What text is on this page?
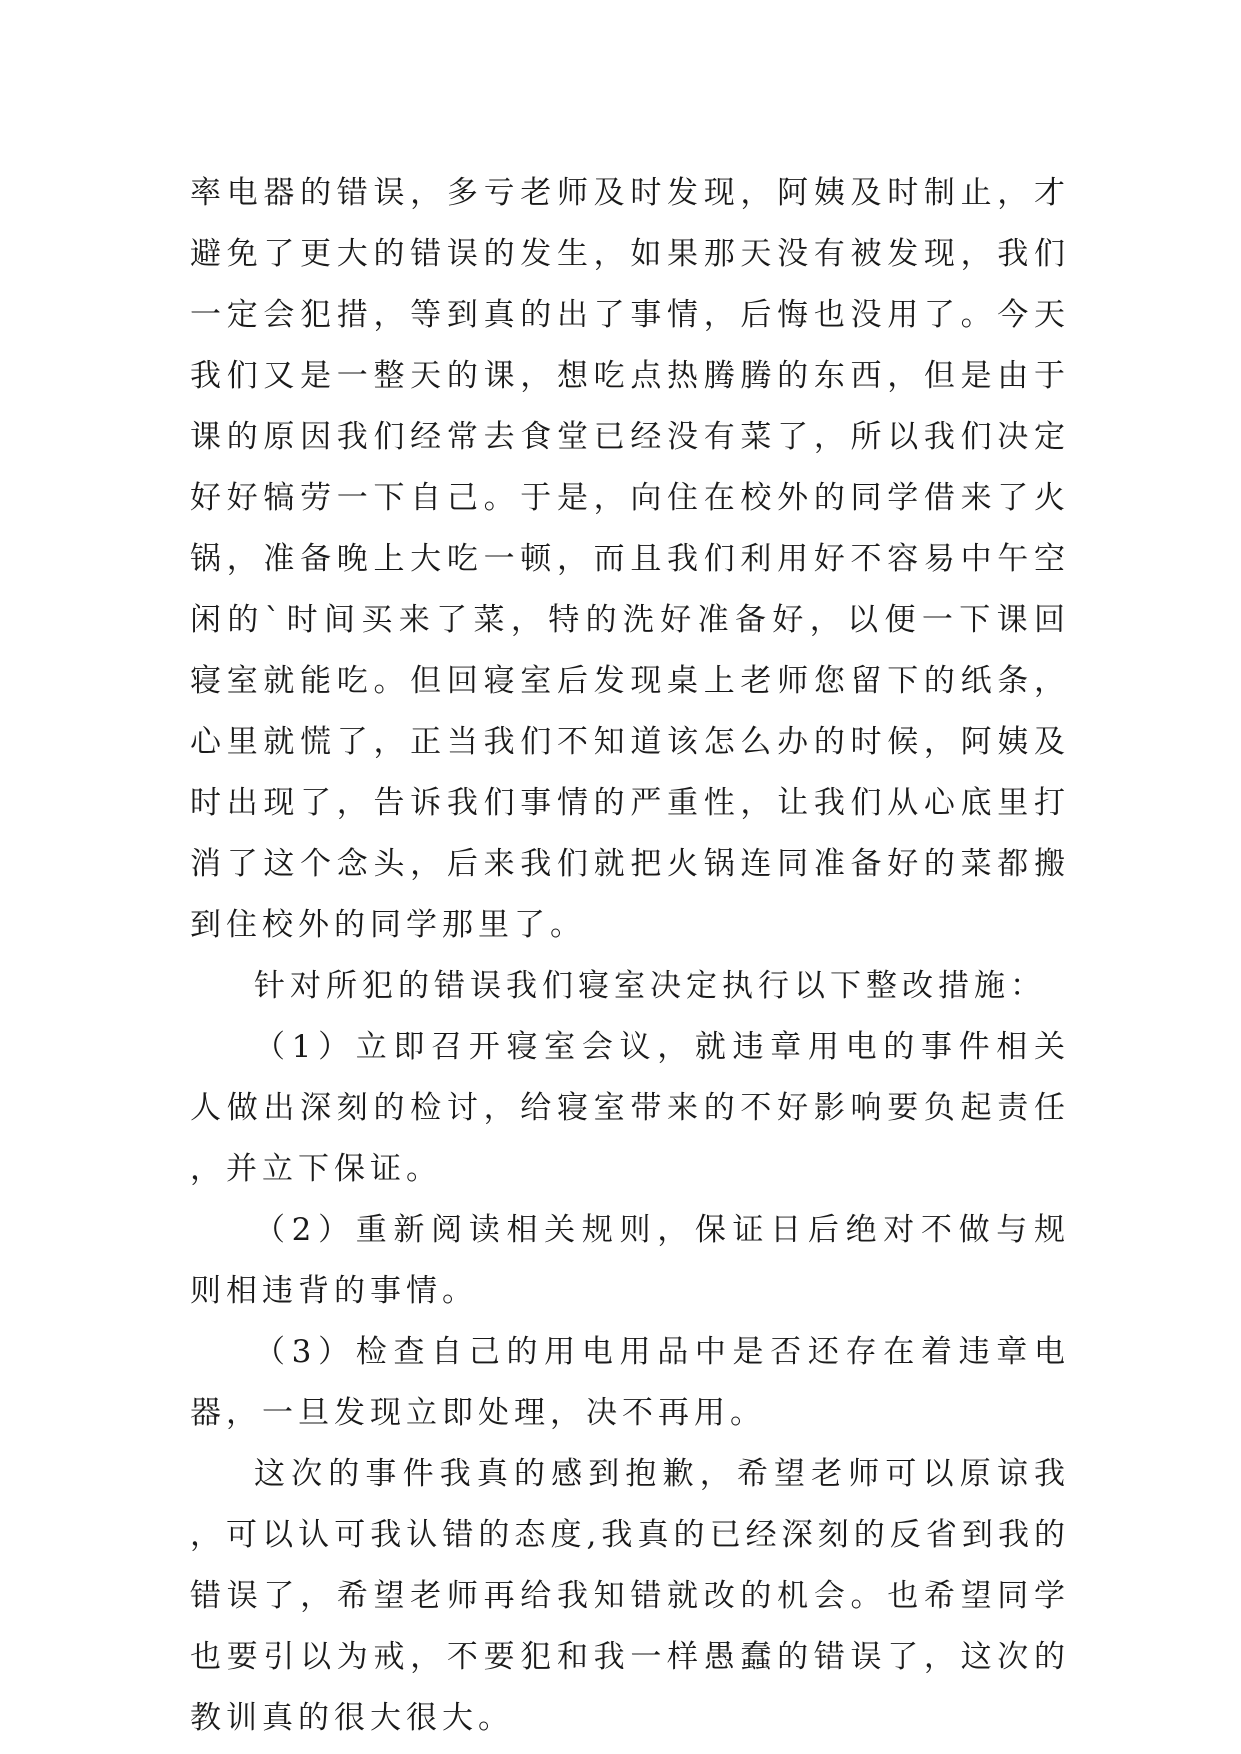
率电器的错误，多亏老师及时发现，阿姨及时制止，才避免了更大的错误的发生，如果那天没有被发现，我们一定会犯措，等到真的出了事情，后悔也没用了。今天我们又是一整天的课，想吃点热腾腾的东西，但是由于课的原因我们经常去食堂已经没有菜了，所以我们决定好好犒劳一下自己。于是，向住在校外的同学借来了火锅，准备晚上大吃一顿，而且我们利用好不容易中午空闲的`时间买来了菜，特的洗好准备好，以便一下课回寝室就能吃。但回寝室后发现桌上老师您留下的纸条，心里就慌了，正当我们不知道该怎么办的时候，阿姨及时出现了，告诉我们事情的严重性，让我们从心底里打消了这个念头，后来我们就把火锅连同准备好的菜都搬到住校外的同学那里了。

针对所犯的错误我们寝室决定执行以下整改措施：

（1）立即召开寝室会议，就违章用电的事件相关人做出深刻的检讨，给寝室带来的不好影响要负起责任，并立下保证。

（2）重新阅读相关规则，保证日后绝对不做与规则相违背的事情。

（3）检查自己的用电用品中是否还存在着违章电器，一旦发现立即处理，决不再用。

这次的事件我真的感到抱歉，希望老师可以原谅我，可以认可我认错的态度,我真的已经深刻的反省到我的错误了，希望老师再给我知错就改的机会。也希望同学也要引以为戒，不要犯和我一样愚蠢的错误了，这次的教训真的很大很大。
